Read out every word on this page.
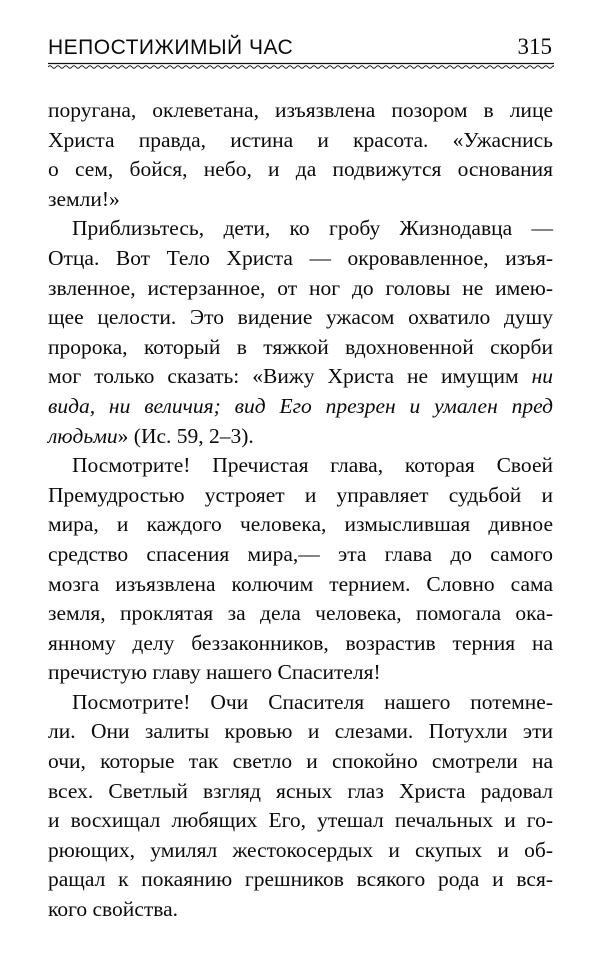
НЕПОСТИЖИМЫЙ ЧАС	315

поругана, оклеветана, изъязвлена позором в лице
Христа правда, истина и красота. «Ужаснись
о сем, бойся, небо, и да подвижутся основания
земли!»

Приблизьтесь, дети, ко гробу Жизнодавца —
Отца. Вот Тело Христа — окровавленное, изъя-
звленное, истерзанное, от ног до головы не имею-
щее целости. Это видение ужасом охватило душу
пророка, который в тяжкой вдохновенной скорби
мог только сказать: «Вижу Христа не имущим ни
вида, ни величия; вид Его презрен и умален пред
людьми» (Ис. 59, 2–3).

Посмотрите! Пречистая глава, которая Своей
Премудростью устрояет и управляет судьбой и
мира, и каждого человека, измыслившая дивное
средство спасения мира,— эта глава до самого
мозга изъязвлена колючим терниeм. Словно сама
земля, проклятая за дела человека, помогала ока-
янному делу беззаконников, возрастив терния на
пречистую главу нашего Спасителя!

Посмотрите! Очи Спасителя нашего потемне-
ли. Они залиты кровью и слезами. Потухли эти
очи, которые так светло и спокойно смотрели на
всех. Светлый взгляд ясных глаз Христа радовал
и восхищал любящих Его, утешал печальных и го-
рюющих, умилял жестокосердых и скупых и об-
ращал к покаянию грешников всякого рода и вся-
кого свойства.
